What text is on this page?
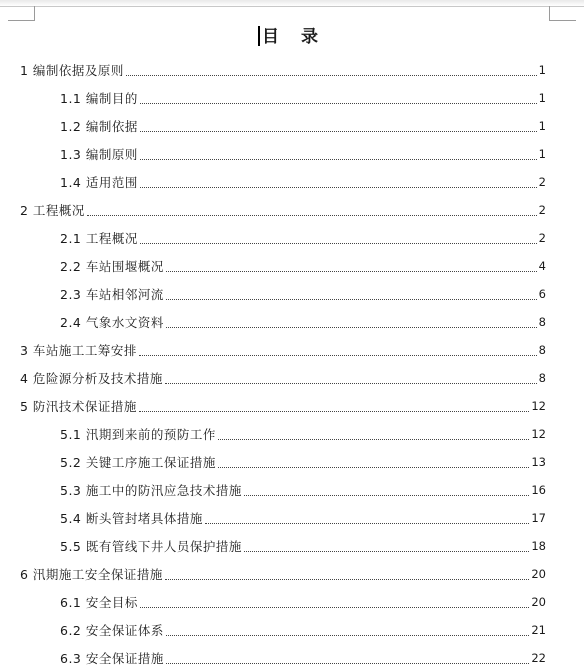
目 录
1 编制依据及原则	1
1.1 编制目的	1
1.2 编制依据	1
1.3 编制原则	1
1.4 适用范围	2
2 工程概况	2
2.1 工程概况	2
2.2 车站围堰概况	4
2.3 车站相邻河流	6
2.4 气象水文资料	8
3 车站施工工筹安排	8
4 危险源分析及技术措施	8
5 防汛技术保证措施	12
5.1 汛期到来前的预防工作	12
5.2 关键工序施工保证措施	13
5.3 施工中的防汛应急技术措施	16
5.4 断头管封堵具体措施	17
5.5 既有管线下井人员保护措施	18
6 汛期施工安全保证措施	20
6.1 安全目标	20
6.2 安全保证体系	21
6.3 安全保证措施	22
